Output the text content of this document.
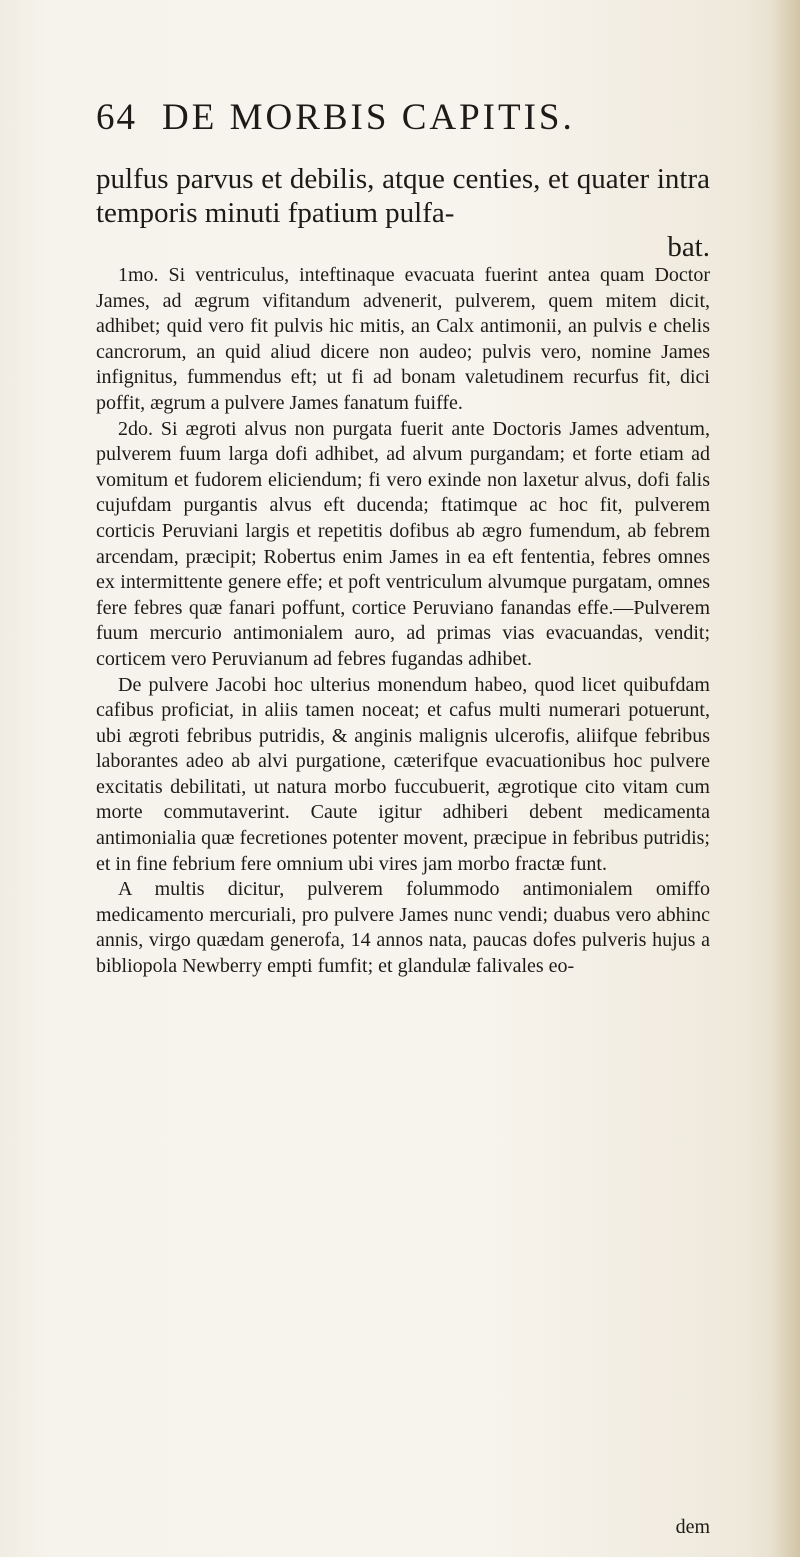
64 DE MORBIS CAPITIS.

pulfus parvus et debilis, atque centies, et quater intra temporis minuti fpatium pulfa-
bat.

1mo. Si ventriculus, inteftinaque evacuata fuerint antea quam Doctor James, ad ægrum vifitandum advenerit, pulverem, quem mitem dicit, adhibet; quid vero fit pulvis hic mitis, an Calx antimonii, an pulvis e chelis cancrorum, an quid aliud dicere non audeo; pulvis vero, nomine James infignitus, fummendus eft; ut fi ad bonam valetudinem recurfus fit, dici poffit, ægrum a pulvere James fanatum fuiffe.

2do. Si ægroti alvus non purgata fuerit ante Doctoris James adventum, pulverem fuum larga dofi adhibet, ad alvum purgandam; et forte etiam ad vomitum et fudorem eliciendum; fi vero exinde non laxetur alvus, dofi falis cujufdam purgantis alvus eft ducenda; ftatimque ac hoc fit, pulverem corticis Peruviani largis et repetitis dofibus ab ægro fumendum, ab febrem arcendam, præcipit; Robertus enim James in ea eft fententia, febres omnes ex intermittente genere effe; et poft ventriculum alvumque purgatam, omnes fere febres quæ fanari poffunt, cortice Peruviano fanandas effe.—Pulverem fuum mercurio antimonialem auro, ad primas vias evacuandas, vendit; corticem vero Peruvianum ad febres fugandas adhibet.

De pulvere Jacobi hoc ulterius monendum habeo, quod licet quibufdam cafibus proficiat, in aliis tamen noceat; et cafus multi numerari potuerunt, ubi ægroti febribus putridis, & anginis malignis ulcerofis, aliifque febribus laborantes adeo ab alvi purgatione, cæterifque evacuationibus hoc pulvere excitatis debilitati, ut natura morbo fuccubuerit, ægrotique cito vitam cum morte commutaverint. Caute igitur adhiberi debent medicamenta antimonialia quæ fecretiones potenter movent, præcipue in febribus putridis; et in fine febrium fere omnium ubi vires jam morbo fractæ funt.

A multis dicitur, pulverem folummodo antimonialem omiffo medicamento mercuriali, pro pulvere James nunc vendi; duabus vero abhinc annis, virgo quædam generofa, 14 annos nata, paucas dofes pulveris hujus a bibliopola Newberry empti fumfit; et glandulæ falivales eo-

dem
